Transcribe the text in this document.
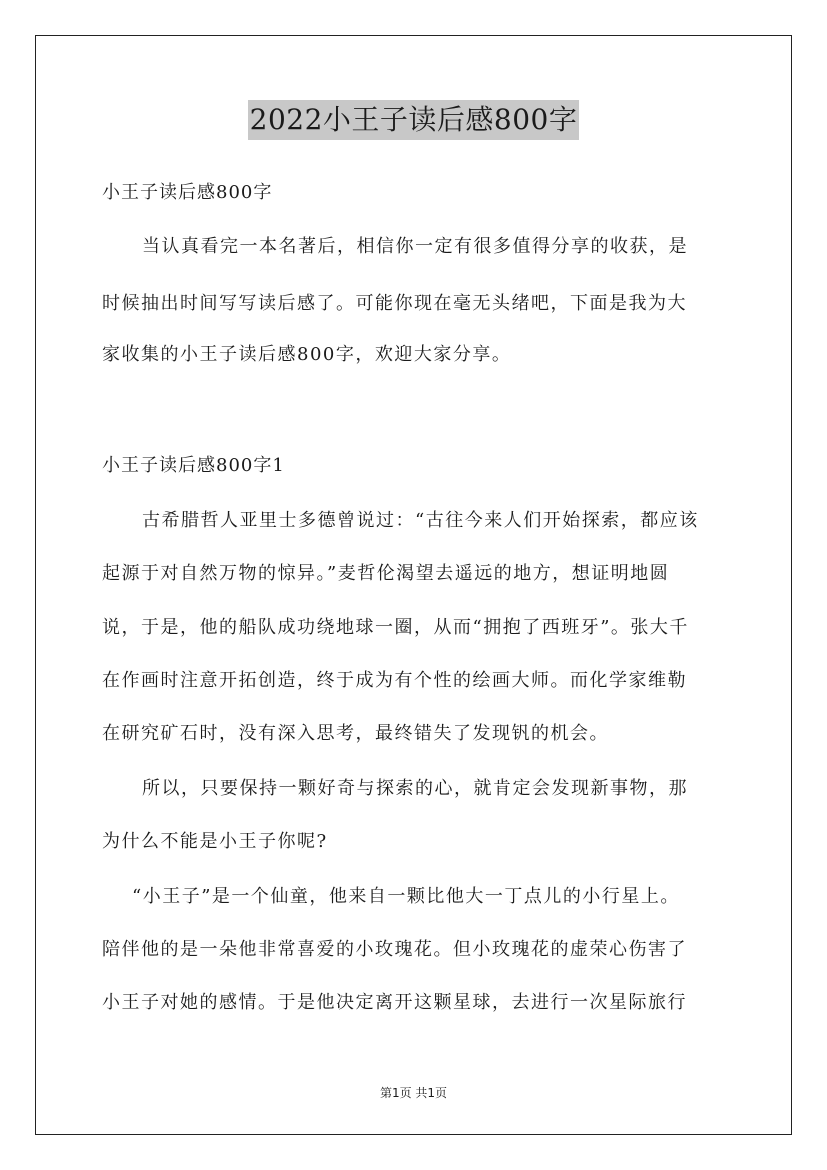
2022小王子读后感800字
小王子读后感800字
当认真看完一本名著后，相信你一定有很多值得分享的收获，是
时候抽出时间写写读后感了。可能你现在毫无头绪吧，下面是我为大
家收集的小王子读后感800字，欢迎大家分享。
小王子读后感800字1
古希腊哲人亚里士多德曾说过：“古往今来人们开始探索，都应该
起源于对自然万物的惊异。”麦哲伦渴望去遥远的地方，想证明地圆
说，于是，他的船队成功绕地球一圈，从而“拥抱了西班牙”。张大千
在作画时注意开拓创造，终于成为有个性的绘画大师。而化学家维勒
在研究矿石时，没有深入思考，最终错失了发现钒的机会。
所以，只要保持一颗好奇与探索的心，就肯定会发现新事物，那
为什么不能是小王子你呢?
“小王子”是一个仙童，他来自一颗比他大一丁点儿的小行星上。
陪伴他的是一朵他非常喜爱的小玫瑰花。但小玫瑰花的虚荣心伤害了
小王子对她的感情。于是他决定离开这颗星球，去进行一次星际旅行
第1页 共1页
